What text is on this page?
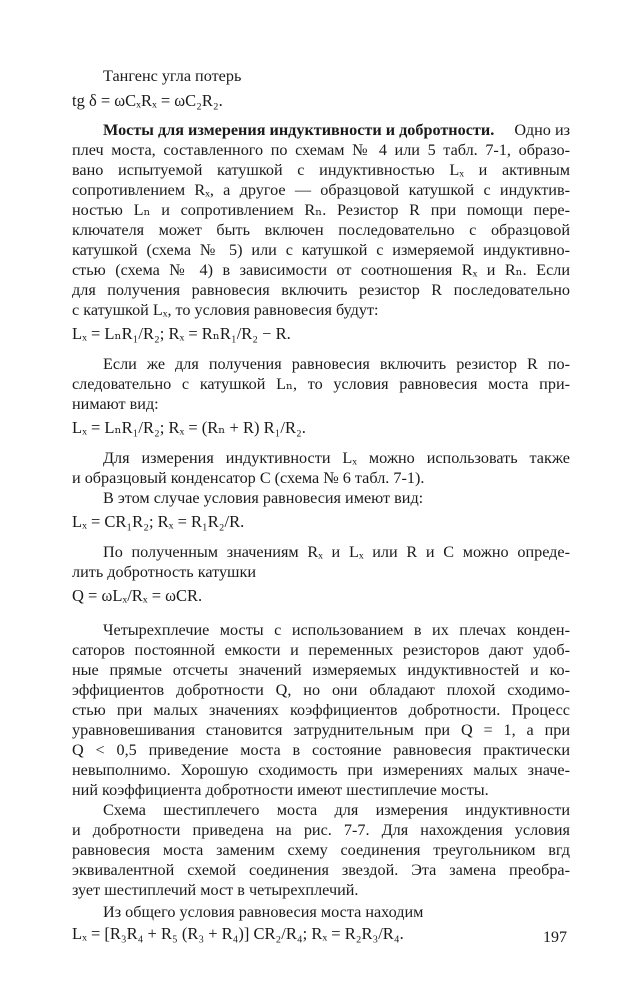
Тангенс угла потерь
tg δ = ωCₓRₓ = ωC₂R₂.
Мосты для измерения индуктивности и добротности.	Одно из
плеч моста, составленного по схемам № 4 или 5 табл. 7-1, образо-
вано испытуемой катушкой с индуктивностью Lₓ и активным
сопротивлением Rₓ, а другое — образцовой катушкой с индуктив-
ностью Lₙ и сопротивлением Rₙ. Резистор R при помощи пере-
ключателя может быть включен последовательно с образцовой
катушкой (схема № 5) или с катушкой с измеряемой индуктивно-
стью (схема № 4) в зависимости от соотношения Rₓ и Rₙ. Если
для получения равновесия включить резистор R последовательно
с катушкой Lₓ, то условия равновесия будут:
Lₓ = LₙR₁/R₂; Rₓ = RₙR₁/R₂ − R.
Если же для получения равновесия включить резистор R по-
следовательно с катушкой Lₙ, то условия равновесия моста при-
нимают вид:
Lₓ = LₙR₁/R₂; Rₓ = (Rₙ + R) R₁/R₂.
Для измерения индуктивности Lₓ можно использовать также
и образцовый конденсатор C (схема № 6 табл. 7-1).
В этом случае условия равновесия имеют вид:
Lₓ = CR₁R₂; Rₓ = R₁R₂/R.
По полученным значениям Rₓ и Lₓ или R и C можно опреде-
лить добротность катушки
Q = ωLₓ/Rₓ = ωCR.
Четырехплечие мосты с использованием в их плечах конден-
саторов постоянной емкости и переменных резисторов дают удоб-
ные прямые отсчеты значений измеряемых индуктивностей и ко-
эффициентов добротности Q, но они обладают плохой сходимо-
стью при малых значениях коэффициентов добротности. Процесс
уравновешивания становится затруднительным при Q = 1, а при
Q < 0,5 приведение моста в состояние равновесия практически
невыполнимо. Хорошую сходимость при измерениях малых значе-
ний коэффициента добротности имеют шестиплечие мосты.
Схема шестиплечего моста для измерения индуктивности
и добротности приведена на рис. 7-7. Для нахождения условия
равновесия моста заменим схему соединения треугольником вгд
эквивалентной схемой соединения звездой. Эта замена преобра-
зует шестиплечий мост в четырехплечий.
Из общего условия равновесия моста находим
Lₓ = [R₃R₄ + R₅ (R₃ + R₄)] CR₂/R₄; Rₓ = R₂R₃/R₄.	197
